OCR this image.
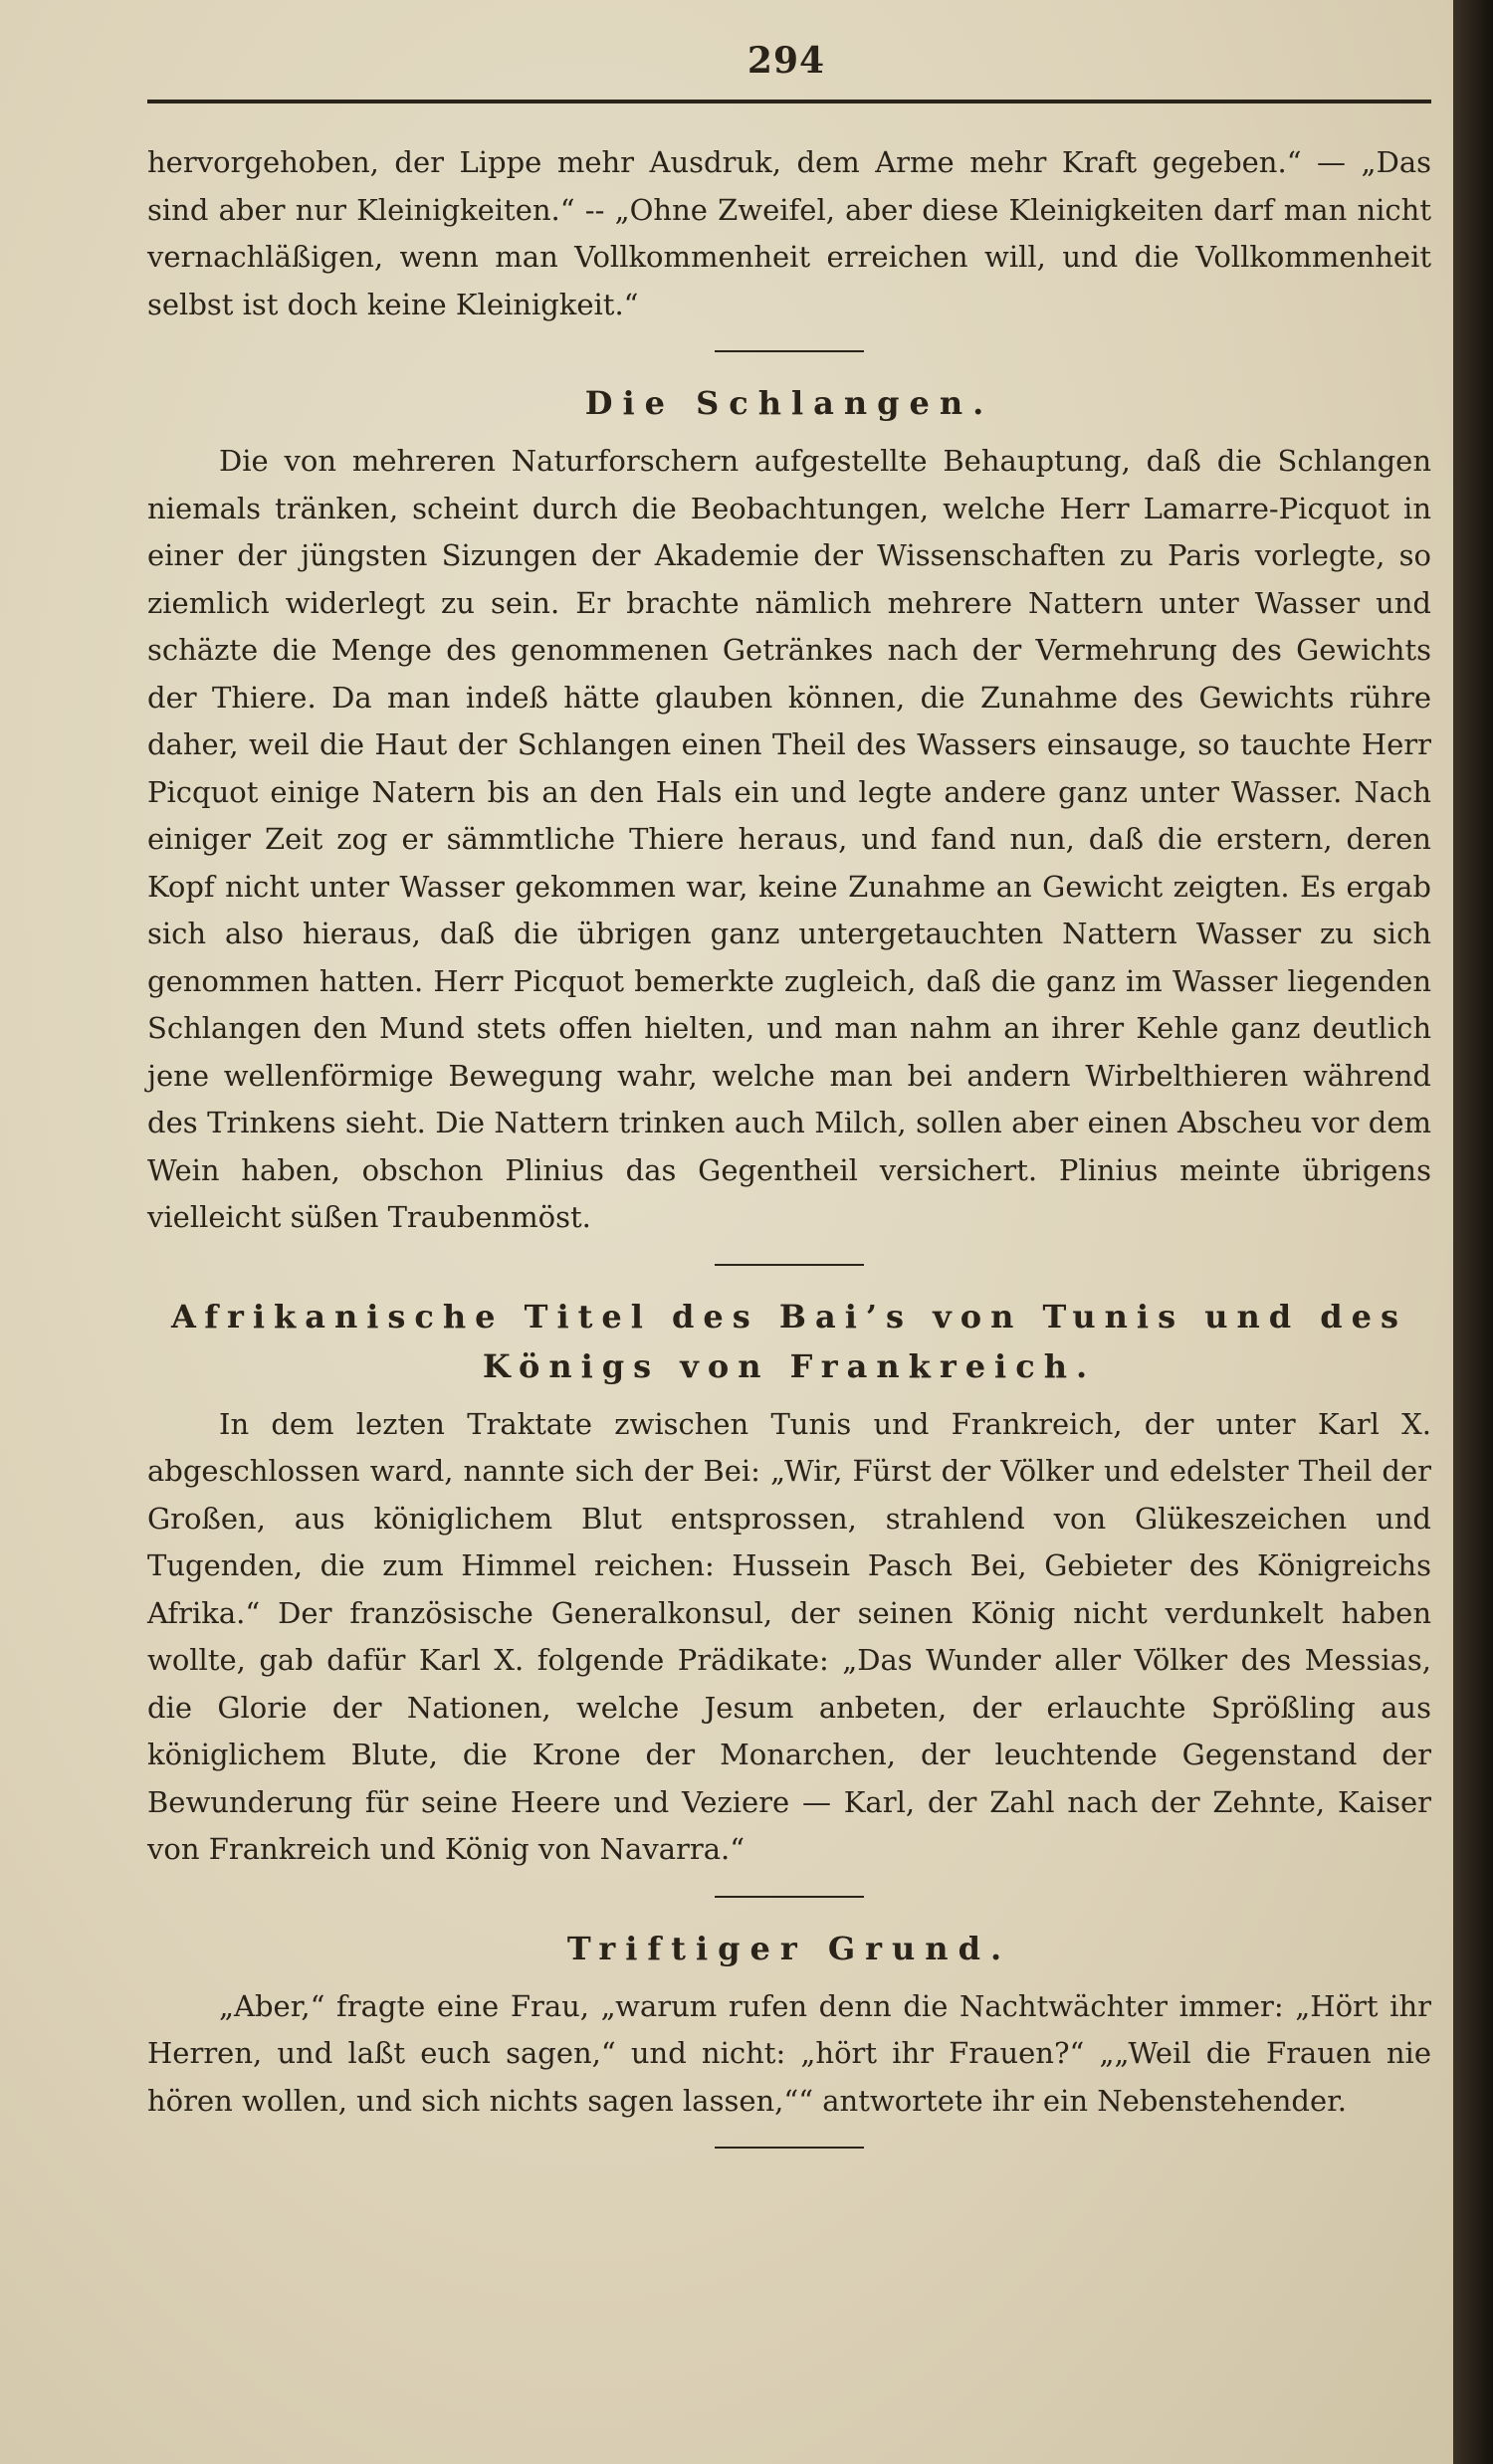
294

hervorgehoben, der Lippe mehr Ausdruk, dem Arme mehr Kraft gegeben.“ — „Das sind aber nur Kleinigkeiten.“ -- „Ohne Zweifel, aber diese Kleinigkeiten darf man nicht vernachläßigen, wenn man Vollkommenheit erreichen will, und die Vollkommenheit selbst ist doch keine Kleinigkeit.“

Die Schlangen.

Die von mehreren Naturforschern aufgestellte Behauptung, daß die Schlangen niemals tränken, scheint durch die Beobachtungen, welche Herr Lamarre-Picquot in einer der jüngsten Sizungen der Akademie der Wissenschaften zu Paris vorlegte, so ziemlich widerlegt zu sein. Er brachte nämlich mehrere Nattern unter Wasser und schäzte die Menge des genommenen Getränkes nach der Vermehrung des Gewichts der Thiere. Da man indeß hätte glauben können, die Zunahme des Gewichts rühre daher, weil die Haut der Schlangen einen Theil des Wassers einsauge, so tauchte Herr Picquot einige Natern bis an den Hals ein und legte andere ganz unter Wasser. Nach einiger Zeit zog er sämmtliche Thiere heraus, und fand nun, daß die erstern, deren Kopf nicht unter Wasser gekommen war, keine Zunahme an Gewicht zeigten. Es ergab sich also hieraus, daß die übrigen ganz untergetauchten Nattern Wasser zu sich genommen hatten. Herr Picquot bemerkte zugleich, daß die ganz im Wasser liegenden Schlangen den Mund stets offen hielten, und man nahm an ihrer Kehle ganz deutlich jene wellenförmige Bewegung wahr, welche man bei andern Wirbelthieren während des Trinkens sieht. Die Nattern trinken auch Milch, sollen aber einen Abscheu vor dem Wein haben, obschon Plinius das Gegentheil versichert. Plinius meinte übrigens vielleicht süßen Traubenmöst.

Afrikanische Titel des Bai’s von Tunis und des Königs von Frankreich.

In dem lezten Traktate zwischen Tunis und Frankreich, der unter Karl X. abgeschlossen ward, nannte sich der Bei: „Wir, Fürst der Völker und edelster Theil der Großen, aus königlichem Blut entsprossen, strahlend von Glükeszeichen und Tugenden, die zum Himmel reichen: Hussein Pasch Bei, Gebieter des Königreichs Afrika.“ Der französische Generalkonsul, der seinen König nicht verdunkelt haben wollte, gab dafür Karl X. folgende Prädikate: „Das Wunder aller Völker des Messias, die Glorie der Nationen, welche Jesum anbeten, der erlauchte Sprößling aus königlichem Blute, die Krone der Monarchen, der leuchtende Gegenstand der Bewunderung für seine Heere und Veziere — Karl, der Zahl nach der Zehnte, Kaiser von Frankreich und König von Navarra.“

Triftiger Grund.

„Aber,“ fragte eine Frau, „warum rufen denn die Nachtwächter immer: „Hört ihr Herren, und laßt euch sagen,“ und nicht: „hört ihr Frauen?“ „„Weil die Frauen nie hören wollen, und sich nichts sagen lassen,““ antwortete ihr ein Nebenstehender.
